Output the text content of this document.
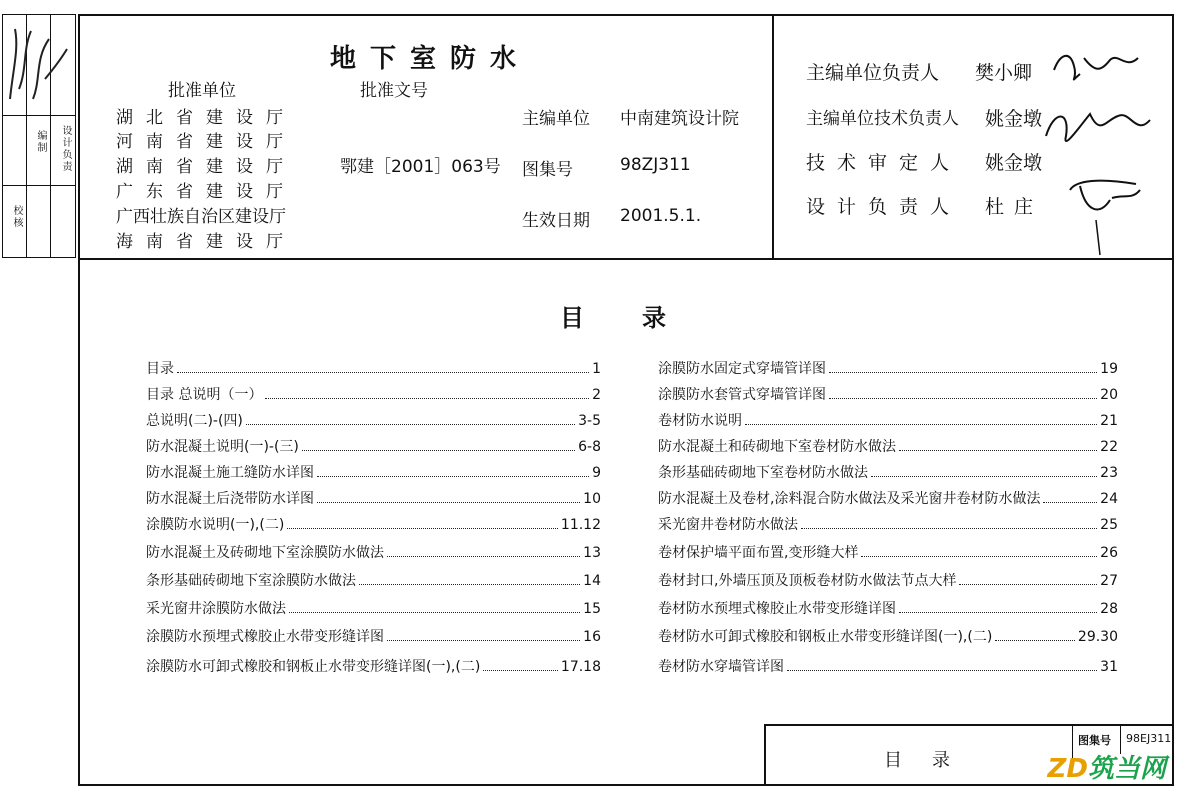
校核
编制
设计负责
地下室防水
批准单位	批准文号
湖北省建设厅
河南省建设厅
湖南省建设厅
广东省建设厅
广西壮族自治区建设厅
海南省建设厅
鄂建［2001］063号
主编单位 中南建筑设计院
图集号	98ZJ311
生效日期 2001.5.1.
主编单位负责人 樊小卿
主编单位技术负责人 姚金墩
技术审定人 姚金墩
设计负责人 杜庄
目录
目录	1
目录 总说明（一）	2
总说明(二)-(四)	3-5
防水混凝土说明(一)-(三)	6-8
防水混凝土施工缝防水详图	9
防水混凝土后浇带防水详图	10
涂膜防水说明(一),(二)	11.12
防水混凝土及砖砌地下室涂膜防水做法	13
条形基础砖砌地下室涂膜防水做法	14
采光窗井涂膜防水做法	15
涂膜防水预埋式橡胶止水带变形缝详图	16
涂膜防水可卸式橡胶和钢板止水带变形缝详图(一),(二)	17.18
涂膜防水固定式穿墙管详图	19
涂膜防水套管式穿墙管详图	20
卷材防水说明	21
防水混凝土和砖砌地下室卷材防水做法	22
条形基础砖砌地下室卷材防水做法	23
防水混凝土及卷材,涂料混合防水做法及采光窗井卷材防水做法	24
采光窗井卷材防水做法	25
卷材保护墙平面布置,变形缝大样	26
卷材封口,外墙压顶及顶板卷材防水做法节点大样	27
卷材防水预埋式橡胶止水带变形缝详图	28
卷材防水可卸式橡胶和钢板止水带变形缝详图(一),(二)	29.30
卷材防水穿墙管详图	31
目录
图集号 98EJ311
ZD筑当网
